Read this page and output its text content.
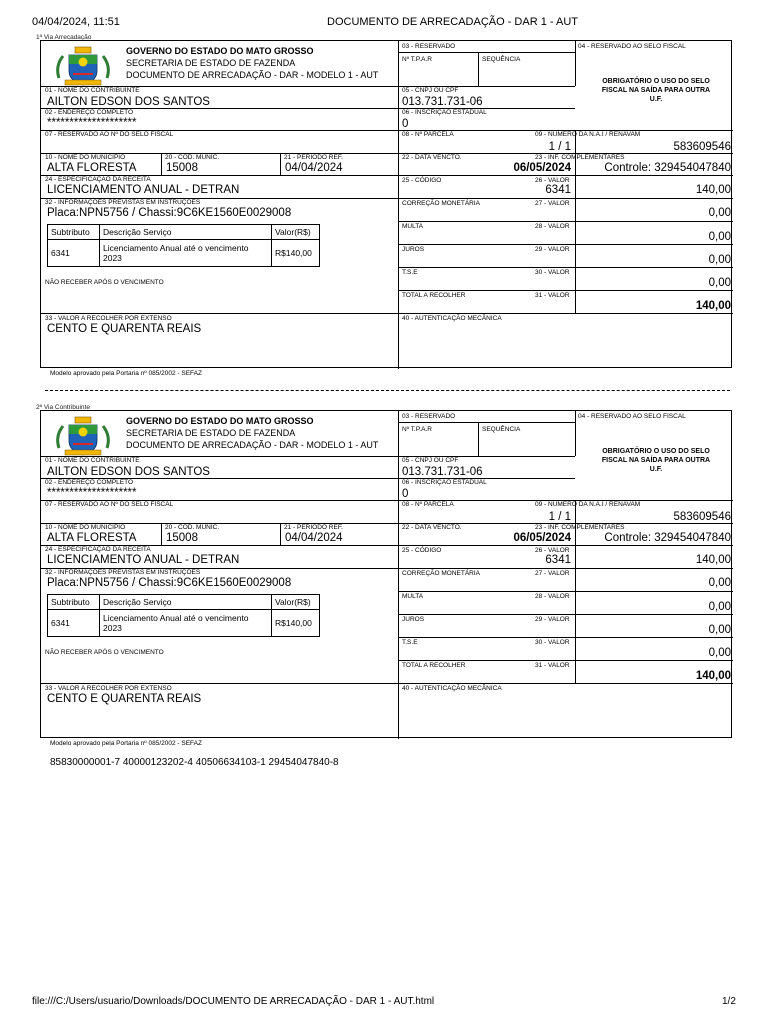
04/04/2024, 11:51	DOCUMENTO DE ARRECADAÇÃO - DAR 1 - AUT
1ª Via Arrecadação
2ª Via Contribuinte
GOVERNO DO ESTADO DO MATO GROSSO
SECRETARIA DE ESTADO DE FAZENDA
DOCUMENTO DE ARRECADAÇÃO - DAR - MODELO 1 - AUT
03 - RESERVADO	04 - RESERVADO AO SELO FISCAL
Nº T.P.A.R	SEQUÊNCIA
OBRIGATÓRIO O USO DO SELO FISCAL NA SAÍDA PARA OUTRA U.F.
01 - NOME DO CONTRIBUINTE
AILTON EDSON DOS SANTOS
05 - CNPJ OU CPF
013.731.731-06
02 - ENDEREÇO COMPLETO
********************
06 - INSCRIÇÃO ESTADUAL
0
07 - RESERVADO AO Nº DO SELO FISCAL	08 - Nº PARCELA
1 / 1
09 - NUMERO DA N.A.I / RENAVAM
583609546
10 - NOME DO MUNICIPIO
ALTA FLORESTA
20 - COD. MUNIC.
15008
21 - PERIODO REF.
04/04/2024
22 - DATA VENCTO.
06/05/2024
23 - INF. COMPLEMENTARES
Controle: 329454047840
24 - ESPECIFICAÇÃO DA RECEITA
LICENCIAMENTO ANUAL - DETRAN
25 - CÓDIGO
6341
26 - VALOR
140,00
32 - INFORMAÇÕES PREVISTAS EM INSTRUÇÕES
Placa:NPN5756 / Chassi:9C6KE1560E0029008
Subtributo	Descrição Serviço	Valor(R$)
6341	Licenciamento Anual até o vencimento 2023	R$140,00
CORREÇÃO MONETÁRIA	27 - VALOR
0,00
MULTA	28 - VALOR
0,00
JUROS	29 - VALOR
0,00
NÃO RECEBER APÓS O VENCIMENTO
T.S.E	30 - VALOR
0,00
TOTAL A RECOLHER	31 - VALOR
140,00
33 - VALOR A RECOLHER POR EXTENSO
CENTO E QUARENTA REAIS
40 - AUTENTICAÇÃO MECÂNICA
Modelo aprovado pela Portaria nº 085/2002 - SEFAZ
GOVERNO DO ESTADO DO MATO GROSSO
SECRETARIA DE ESTADO DE FAZENDA
DOCUMENTO DE ARRECADAÇÃO - DAR - MODELO 1 - AUT
03 - RESERVADO	04 - RESERVADO AO SELO FISCAL
Nº T.P.A.R	SEQUÊNCIA
OBRIGATÓRIO O USO DO SELO FISCAL NA SAÍDA PARA OUTRA U.F.
01 - NOME DO CONTRIBUINTE
AILTON EDSON DOS SANTOS
05 - CNPJ OU CPF
013.731.731-06
02 - ENDEREÇO COMPLETO
********************
06 - INSCRIÇÃO ESTADUAL
0
07 - RESERVADO AO Nº DO SELO FISCAL	08 - Nº PARCELA
1 / 1
09 - NUMERO DA N.A.I / RENAVAM
583609546
10 - NOME DO MUNICIPIO
ALTA FLORESTA
20 - COD. MUNIC.
15008
21 - PERIODO REF.
04/04/2024
22 - DATA VENCTO.
06/05/2024
23 - INF. COMPLEMENTARES
Controle: 329454047840
24 - ESPECIFICAÇÃO DA RECEITA
LICENCIAMENTO ANUAL - DETRAN
25 - CÓDIGO
6341
26 - VALOR
140,00
32 - INFORMAÇÕES PREVISTAS EM INSTRUÇÕES
Placa:NPN5756 / Chassi:9C6KE1560E0029008
Subtributo	Descrição Serviço	Valor(R$)
6341	Licenciamento Anual até o vencimento 2023	R$140,00
CORREÇÃO MONETÁRIA	27 - VALOR
0,00
MULTA	28 - VALOR
0,00
JUROS	29 - VALOR
0,00
NÃO RECEBER APÓS O VENCIMENTO
T.S.E	30 - VALOR
0,00
TOTAL A RECOLHER	31 - VALOR
140,00
33 - VALOR A RECOLHER POR EXTENSO
CENTO E QUARENTA REAIS
40 - AUTENTICAÇÃO MECÂNICA
Modelo aprovado pela Portaria nº 085/2002 - SEFAZ
85830000001-7 40000123202-4 40506634103-1 29454047840-8
file:///C:/Users/usuario/Downloads/DOCUMENTO DE ARRECADAÇÃO - DAR 1 - AUT.html	1/2
